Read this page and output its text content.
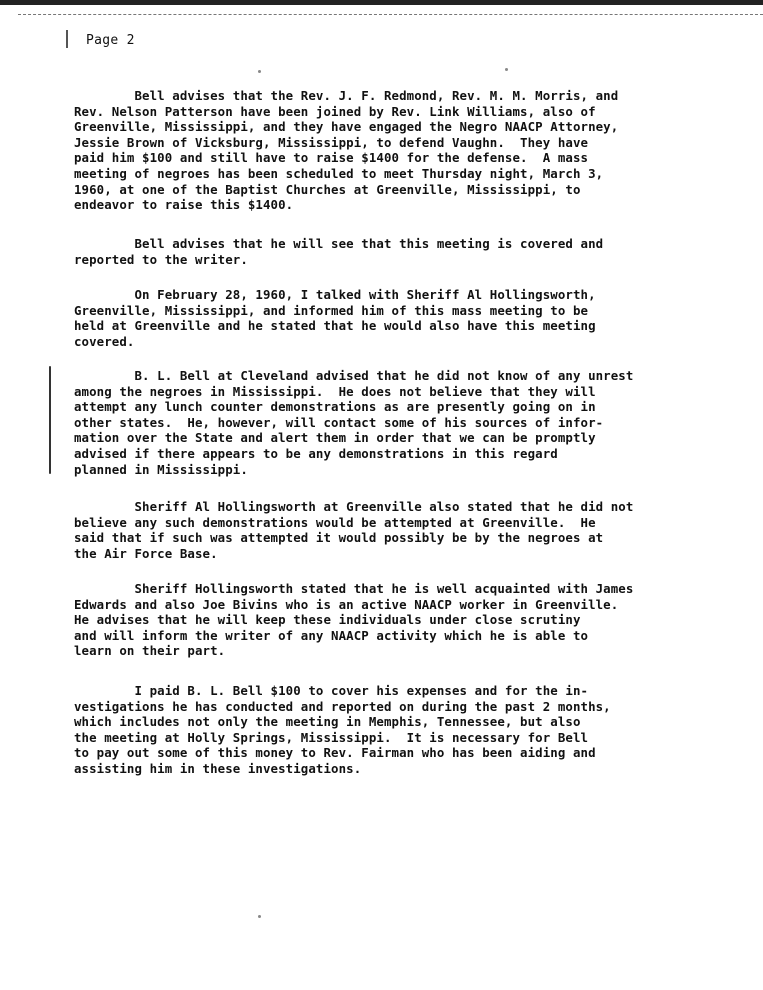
Page 2
Bell advises that the Rev. J. F. Redmond, Rev. M. M. Morris, and
Rev. Nelson Patterson have been joined by Rev. Link Williams, also of
Greenville, Mississippi, and they have engaged the Negro NAACP Attorney,
Jessie Brown of Vicksburg, Mississippi, to defend Vaughn.  They have
paid him $100 and still have to raise $1400 for the defense.  A mass
meeting of negroes has been scheduled to meet Thursday night, March 3,
1960, at one of the Baptist Churches at Greenville, Mississippi, to
endeavor to raise this $1400.
Bell advises that he will see that this meeting is covered and
reported to the writer.
On February 28, 1960, I talked with Sheriff Al Hollingsworth,
Greenville, Mississippi, and informed him of this mass meeting to be
held at Greenville and he stated that he would also have this meeting
covered.
B. L. Bell at Cleveland advised that he did not know of any unrest
among the negroes in Mississippi.  He does not believe that they will
attempt any lunch counter demonstrations as are presently going on in
other states.  He, however, will contact some of his sources of infor-
mation over the State and alert them in order that we can be promptly
advised if there appears to be any demonstrations in this regard
planned in Mississippi.
Sheriff Al Hollingsworth at Greenville also stated that he did not
believe any such demonstrations would be attempted at Greenville.  He
said that if such was attempted it would possibly be by the negroes at
the Air Force Base.
Sheriff Hollingsworth stated that he is well acquainted with James
Edwards and also Joe Bivins who is an active NAACP worker in Greenville.
He advises that he will keep these individuals under close scrutiny
and will inform the writer of any NAACP activity which he is able to
learn on their part.
I paid B. L. Bell $100 to cover his expenses and for the in-
vestigations he has conducted and reported on during the past 2 months,
which includes not only the meeting in Memphis, Tennessee, but also
the meeting at Holly Springs, Mississippi.  It is necessary for Bell
to pay out some of this money to Rev. Fairman who has been aiding and
assisting him in these investigations.
